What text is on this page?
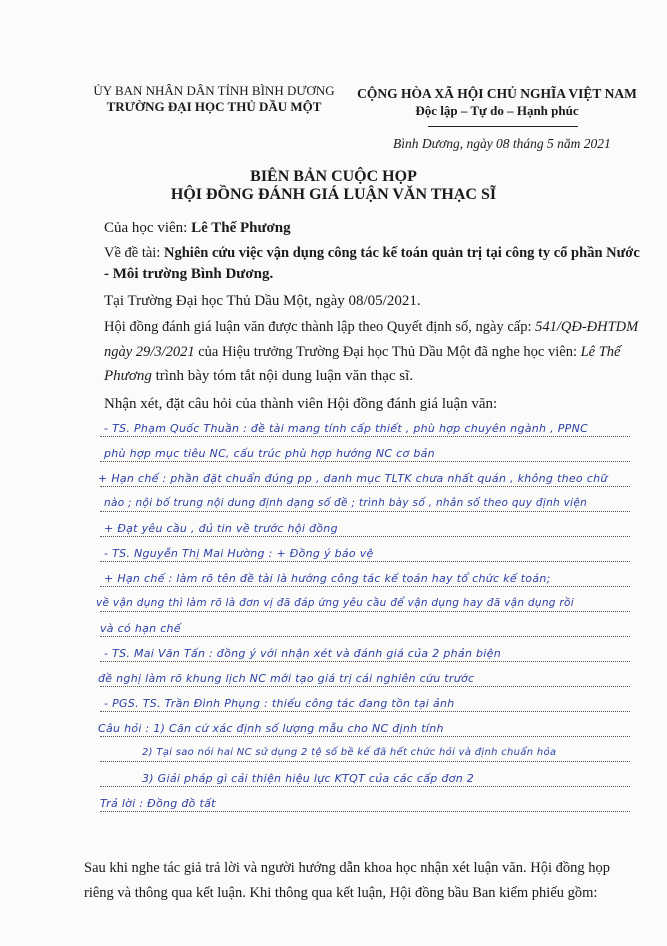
ỦY BAN NHÂN DÂN TỈNH BÌNH DƯƠNG
TRƯỜNG ĐẠI HỌC THỦ DẦU MỘT
CỘNG HÒA XÃ HỘI CHỦ NGHĨA VIỆT NAM
Độc lập – Tự do – Hạnh phúc
Bình Dương, ngày 08 tháng 5 năm 2021
BIÊN BẢN CUỘC HỌP
HỘI ĐỒNG ĐÁNH GIÁ LUẬN VĂN THẠC SĨ
Của học viên: Lê Thế Phương
Về đề tài: Nghiên cứu việc vận dụng công tác kế toán quản trị tại công ty cổ phần Nước
- Môi trường Bình Dương.
Tại Trường Đại học Thủ Dầu Một, ngày 08/05/2021.
Hội đồng đánh giá luận văn được thành lập theo Quyết định số, ngày cấp: 541/QĐ-ĐHTDM
ngày 29/3/2021 của Hiệu trưởng Trường Đại học Thủ Dầu Một đã nghe học viên: Lê Thế
Phương trình bày tóm tắt nội dung luận văn thạc sĩ.
Nhận xét, đặt câu hỏi của thành viên Hội đồng đánh giá luận văn:
- TS. Phạm Quốc Thuần : đề tài mang tính cấp thiết , phù hợp chuyên ngành , PPNC
phù hợp mục tiêu NC, cấu trúc phù hợp hướng NC cơ bản
+ Hạn chế : phần đặt chuẩn đúng pp , danh mục TLTK chưa nhất quán , không theo chữ
nào ; nội bố trung nội dung định dạng số đề ; trình bày số , nhân số theo quy định viện
+ Đạt yêu cầu , đủ tin về trước hội đồng
- TS. Nguyễn Thị Mai Hường : + Đồng ý báo vệ
+ Hạn chế : làm rõ tên đề tài là hướng công tác kế toán hay tổ chức kế toán;
về vận dụng thì làm rõ là đơn vị đã đáp ứng yêu cầu để vận dụng hay đã vận dụng rồi
và có hạn chế
- TS. Mai Văn Tấn : đồng ý với nhận xét và đánh giá của 2 phản biện
đề nghị làm rõ khung lịch NC mới tạo giá trị cái nghiên cứu trước
- PGS. TS. Trần Đình Phụng : thiếu công tác đang tồn tại ảnh
Câu hỏi : 1) Căn cứ xác định số lượng mẫu cho NC định tính
2) Tại sao nói hai NC sử dụng 2 tệ số bề kế đã hết chức hỏi và định chuẩn hỏa
3) Giải pháp gì cải thiện hiệu lực KTQT của các cấp đơn 2
Trả lời : Đồng đồ tất
Sau khi nghe tác giả trả lời và người hướng dẫn khoa học nhận xét luận văn. Hội đồng họp
riêng và thông qua kết luận. Khi thông qua kết luận, Hội đồng bầu Ban kiểm phiếu gồm:
